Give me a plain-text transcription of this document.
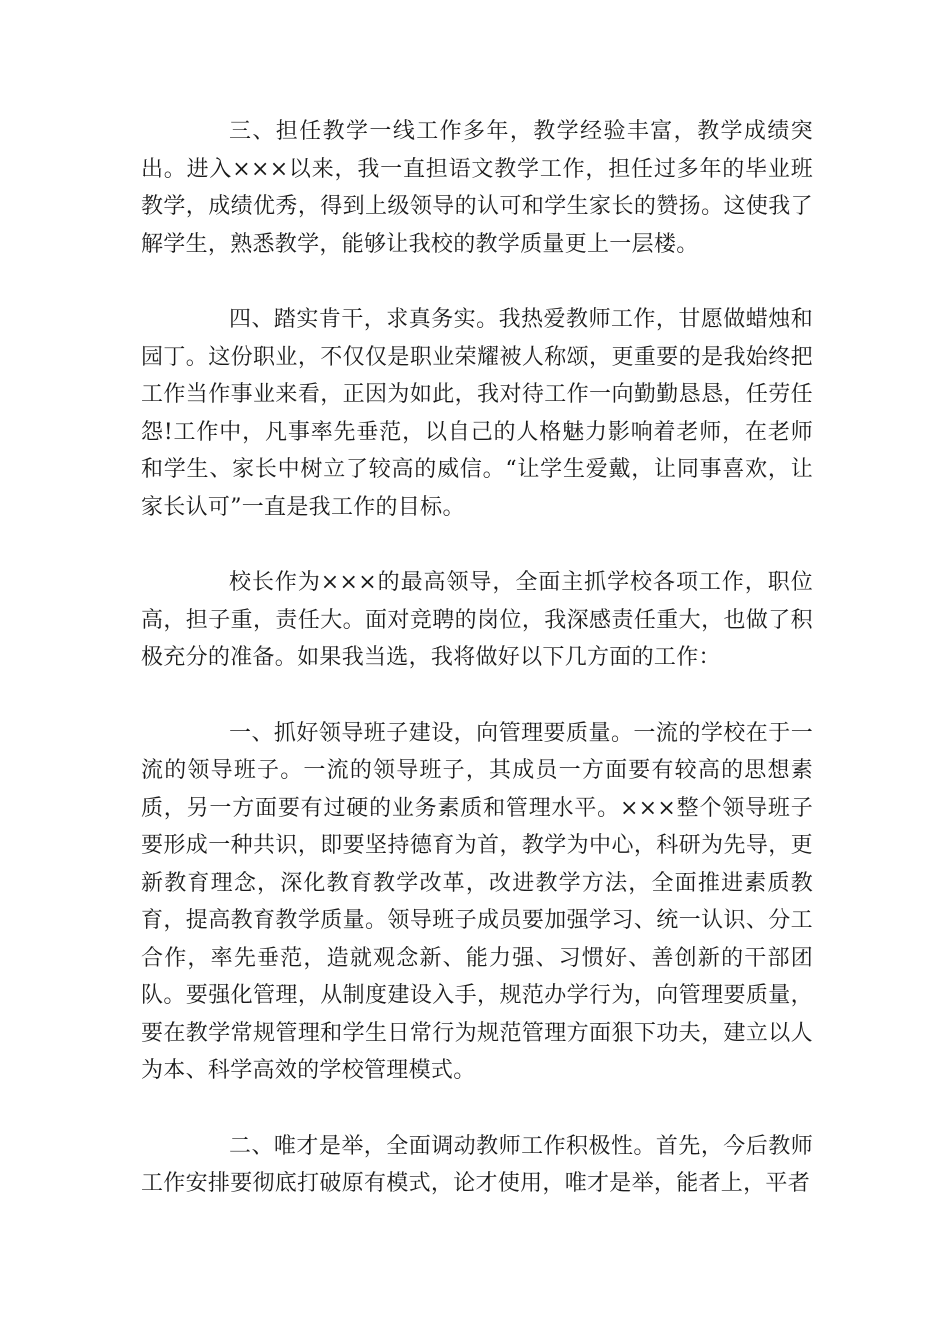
三、担任教学一线工作多年，教学经验丰富，教学成绩突出。进入×××以来，我一直担语文教学工作，担任过多年的毕业班教学，成绩优秀，得到上级领导的认可和学生家长的赞扬。这使我了解学生，熟悉教学，能够让我校的教学质量更上一层楼。

四、踏实肯干，求真务实。我热爱教师工作，甘愿做蜡烛和园丁。这份职业，不仅仅是职业荣耀被人称颂，更重要的是我始终把工作当作事业来看，正因为如此，我对待工作一向勤勤恳恳，任劳任怨!工作中，凡事率先垂范，以自己的人格魅力影响着老师，在老师和学生、家长中树立了较高的威信。“让学生爱戴，让同事喜欢，让家长认可”一直是我工作的目标。

校长作为×××的最高领导，全面主抓学校各项工作，职位高，担子重，责任大。面对竞聘的岗位，我深感责任重大，也做了积极充分的准备。如果我当选，我将做好以下几方面的工作：

一、抓好领导班子建设，向管理要质量。一流的学校在于一流的领导班子。一流的领导班子，其成员一方面要有较高的思想素质，另一方面要有过硬的业务素质和管理水平。×××整个领导班子要形成一种共识，即要坚持德育为首，教学为中心，科研为先导，更新教育理念，深化教育教学改革，改进教学方法，全面推进素质教育，提高教育教学质量。领导班子成员要加强学习、统一认识、分工合作，率先垂范，造就观念新、能力强、习惯好、善创新的干部团队。要强化管理，从制度建设入手，规范办学行为，向管理要质量，要在教学常规管理和学生日常行为规范管理方面狠下功夫，建立以人为本、科学高效的学校管理模式。

二、唯才是举，全面调动教师工作积极性。首先，今后教师工作安排要彻底打破原有模式，论才使用，唯才是举，能者上，平者
